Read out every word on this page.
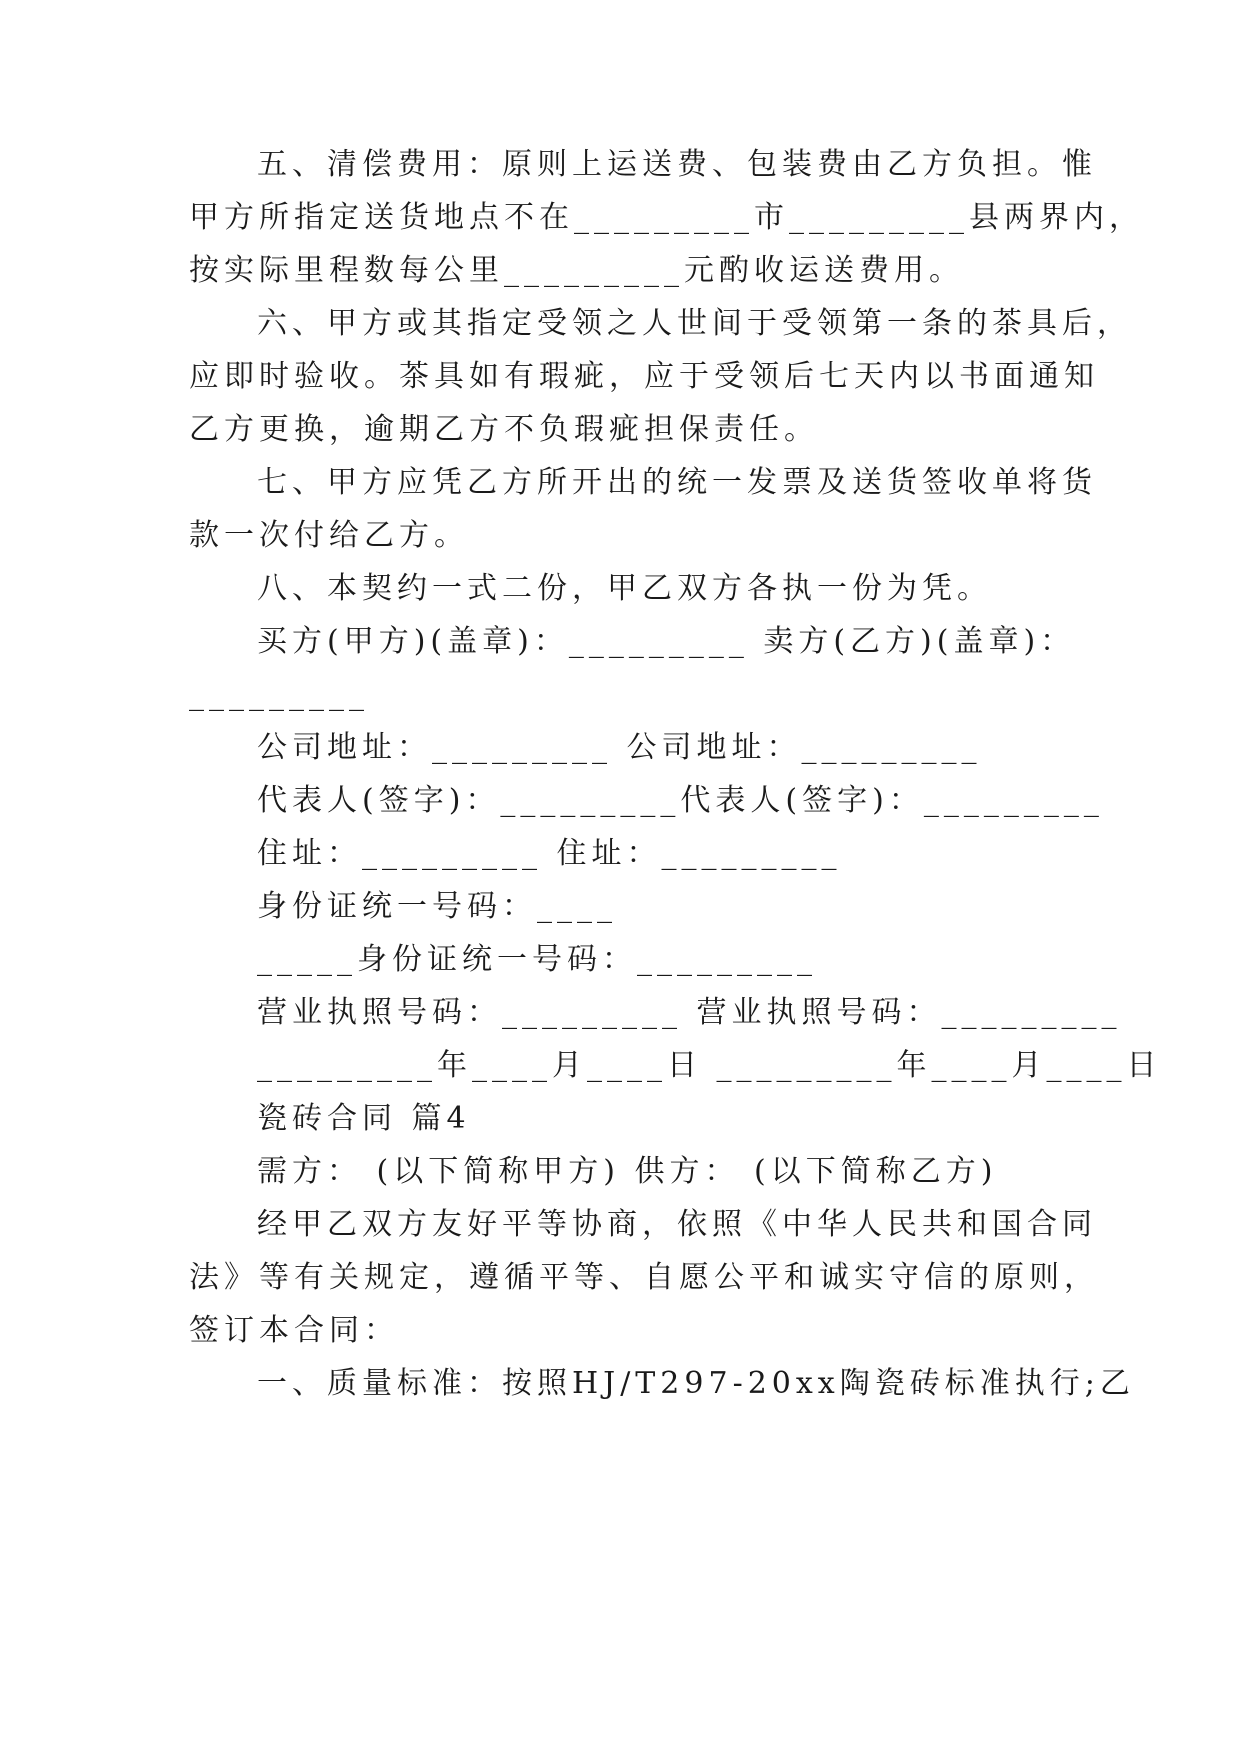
五、清偿费用：原则上运送费、包装费由乙方负担。惟
甲方所指定送货地点不在_________市_________县两界内，
按实际里程数每公里_________元酌收运送费用。
六、甲方或其指定受领之人世间于受领第一条的茶具后，
应即时验收。茶具如有瑕疵，应于受领后七天内以书面通知
乙方更换，逾期乙方不负瑕疵担保责任。
七、甲方应凭乙方所开出的统一发票及送货签收单将货
款一次付给乙方。
八、本契约一式二份，甲乙双方各执一份为凭。
买方(甲方)(盖章)：_________ 卖方(乙方)(盖章)：
_________
公司地址：_________ 公司地址：_________
代表人(签字)：_________代表人(签字)：_________
住址：_________ 住址：_________
身份证统一号码：____
_____身份证统一号码：_________
营业执照号码：_________ 营业执照号码：_________
_________年____月____日 _________年____月____日
瓷砖合同 篇4
需方： (以下简称甲方) 供方： (以下简称乙方)
经甲乙双方友好平等协商，依照《中华人民共和国合同
法》等有关规定，遵循平等、自愿公平和诚实守信的原则，
签订本合同：
一、质量标准：按照HJ/T297-20xx陶瓷砖标准执行;乙
